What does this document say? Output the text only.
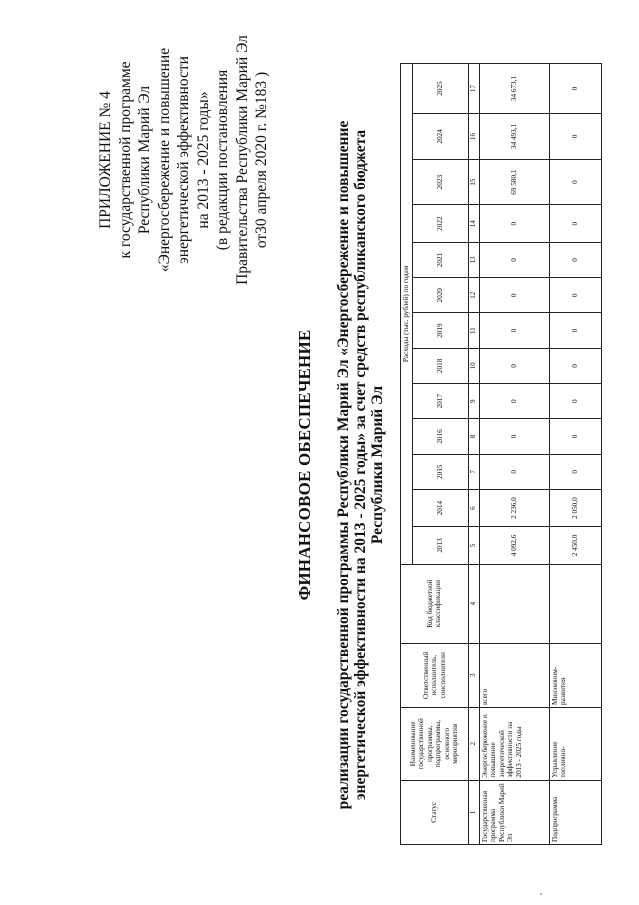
ПРИЛОЖЕНИЕ № 4 к государственной программе Республики Марий Эл «Энергосбережение и повышение энергетической эффективности на 2013 - 2025 годы» (в редакции постановления Правительства Республики Марий Эл от30 апреля 2020 г. №183 )
ФИНАНСОВОЕ ОБЕСПЕЧЕНИЕ реализации государственной программы Республики Марий Эл «Энергосбережение и повышение энергетической эффективности на 2013 - 2025 годы» за счет средств республиканского бюджета Республики Марий Эл
Статус	Наименование государственной программы, подпрограммы, основного мероприятия	Ответственный исполнитель, соисполнители	Код бюджетной классификации	Расходы (тыс. рублей) по годам												
				2013	2014	2015	2016	2017	2018	2019	2020	2021	2022	2023	2024	2025
1	2	3	4	5	6	7	8	9	10	11	12	13	14	15	16	17
Государственная программа Республики Марий Эл	Энергосбережение и повышение энергетической эффективности на 2013 - 2025 годы	всего		4 092,6	2 236,0	0	0	0	0	0	0	0	0	69 580,1	34 493,1	34 673,1
Подпрограмма	Управление топливно-	Минэконом-развития		2 450,0	2 050,0	0	0	0	0	0	0	0	0	0	0	0
